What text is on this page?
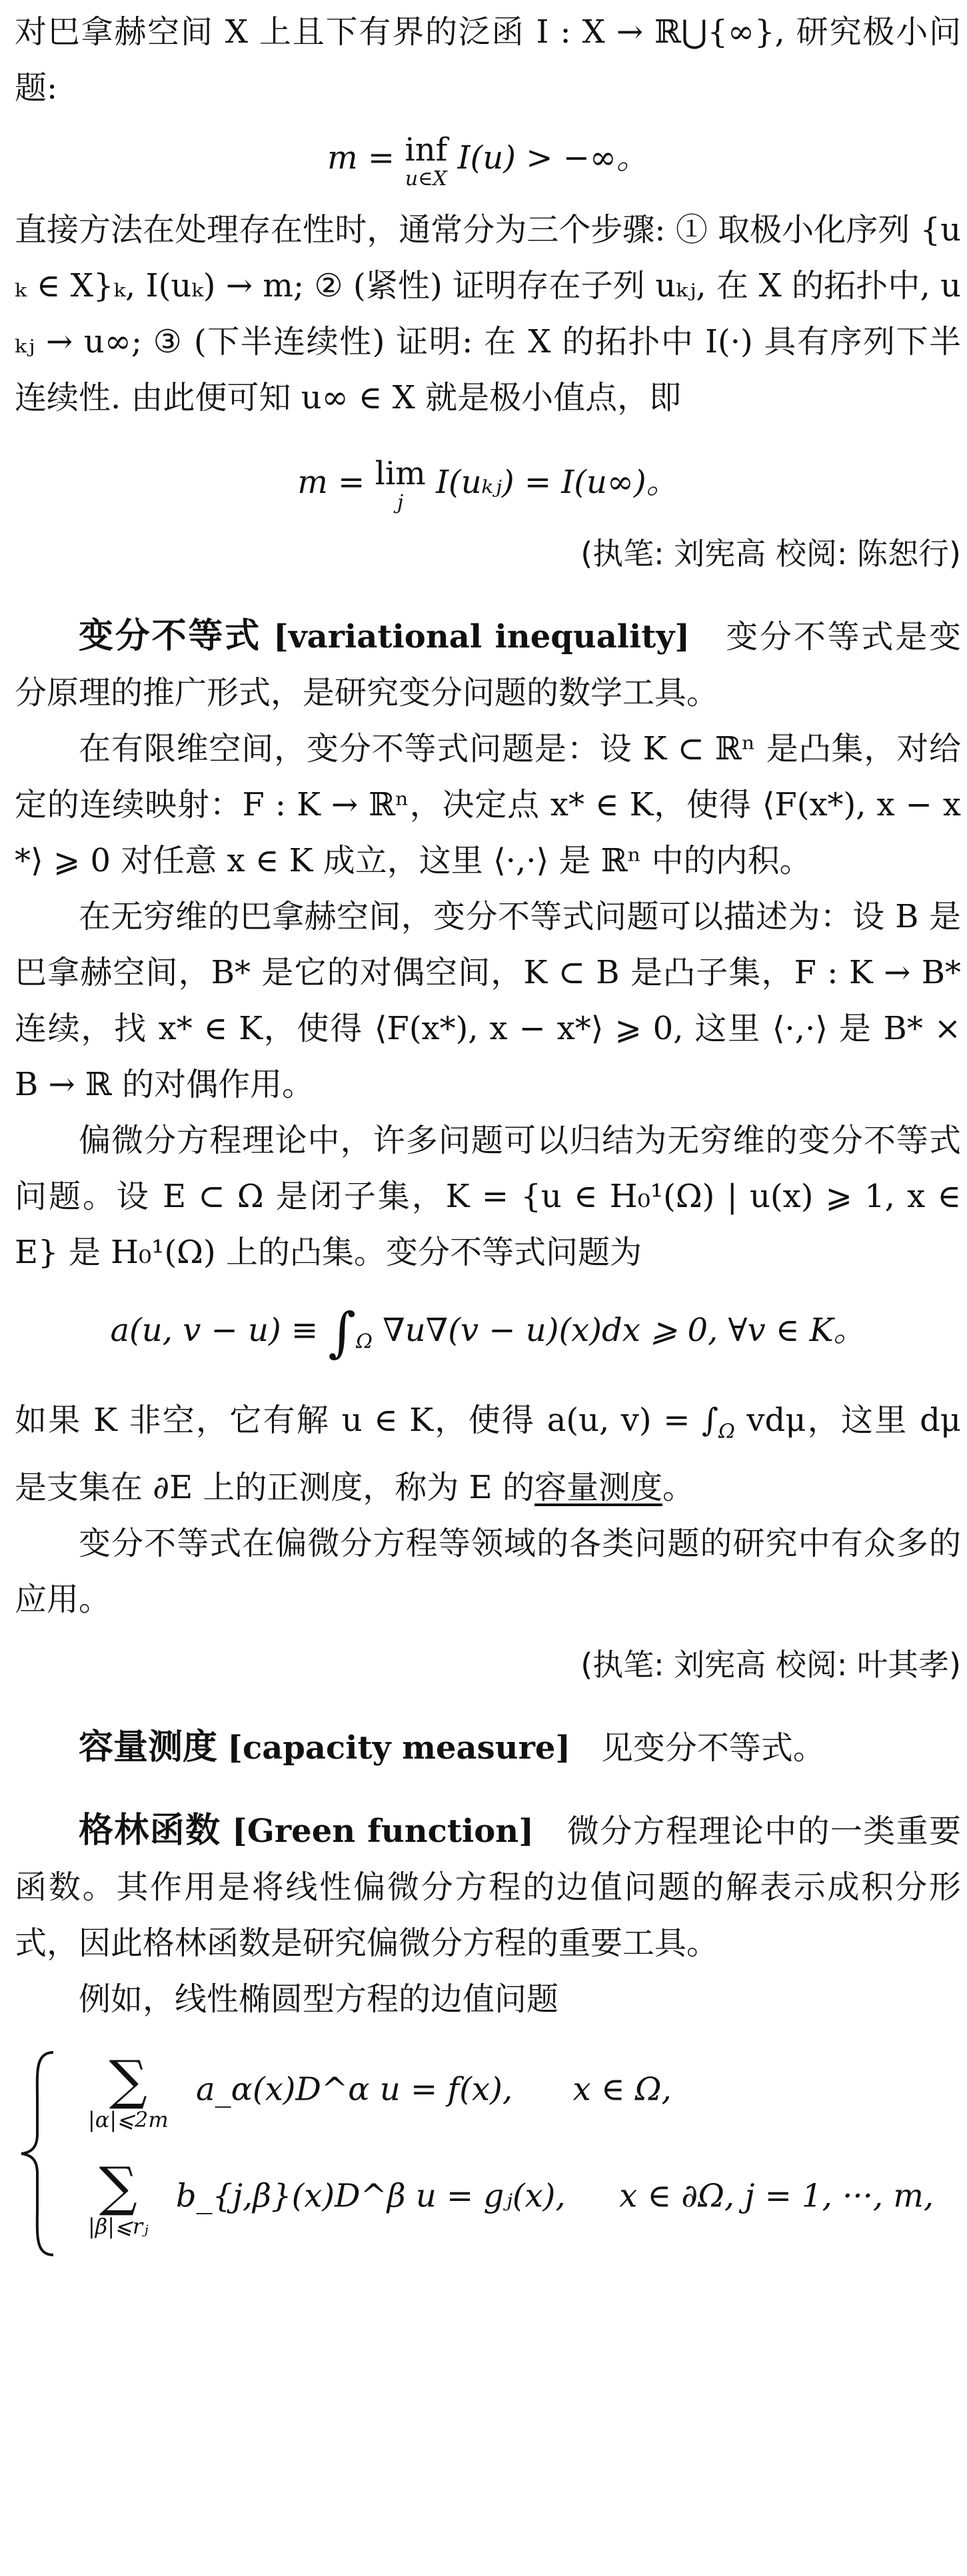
对巴拿赫空间 X 上且下有界的泛函 I : X → ℝ⋃{∞}, 研究极小问题:

m = inf
u∈X
I(u) > −∞。

直接方法在处理存在性时，通常分为三个步骤: ① 取极小化序列 {uₖ ∈ X}ₖ, I(uₖ) → m; ② (紧性) 证明存在子列 uₖⱼ, 在 X 的拓扑中, uₖⱼ → u∞; ③ (下半连续性) 证明: 在 X 的拓扑中 I(·) 具有序列下半连续性. 由此便可知 u∞ ∈ X 就是极小值点，即

m = lim
j
I(uₖⱼ) = I(u∞)。
(执笔: 刘宪高 校阅: 陈恕行)

变分不等式 [variational inequality] 变分不等式是变分原理的推广形式，是研究变分问题的数学工具。

在有限维空间，变分不等式问题是：设 K ⊂ ℝⁿ 是凸集，对给定的连续映射：F : K → ℝⁿ，决定点 x* ∈ K，使得 ⟨F(x*), x − x*⟩ ⩾ 0 对任意 x ∈ K 成立，这里 ⟨·,·⟩ 是 ℝⁿ 中的内积。

在无穷维的巴拿赫空间，变分不等式问题可以描述为：设 B 是巴拿赫空间，B* 是它的对偶空间，K ⊂ B 是凸子集，F : K → B* 连续，找 x* ∈ K，使得 ⟨F(x*), x − x*⟩ ⩾ 0, 这里 ⟨·,·⟩ 是 B* × B → ℝ 的对偶作用。

偏微分方程理论中，许多问题可以归结为无穷维的变分不等式问题。设 E ⊂ Ω 是闭子集，K = {u ∈ H₀¹(Ω) | u(x) ⩾ 1, x ∈ E} 是 H₀¹(Ω) 上的凸集。变分不等式问题为

a(u, $v - u) \equiv \int_\Omega$ ∇u∇(v − u)(x)dx ⩾ 0, ∀v ∈ K。

如果 K 非空，它有解 u ∈ K，使得 a(u, $v) = \int_\Omega$ vdμ，这里 dμ 是支集在 ∂E 上的正测度，称为 E 的容量测度。

变分不等式在偏微分方程等领域的各类问题的研究中有众多的应用。

(执笔: 刘宪高 校阅: 叶其孝)

容量测度 [capacity measure] 见变分不等式。

格林函数 [Green function] 微分方程理论中的一类重要函数。其作用是将线性偏微分方程的边值问题的解表示成积分形式，因此格林函数是研究偏微分方程的重要工具。

例如，线性椭圆型方程的边值问题

∑
|α|⩽2m
a_α(x)D^α u = f(x), x ∈ Ω,
∑
|β|⩽rⱼ
b_{j,β}(x)D^β u = gⱼ(x), x ∈ ∂Ω, j = 1, ···, m,
